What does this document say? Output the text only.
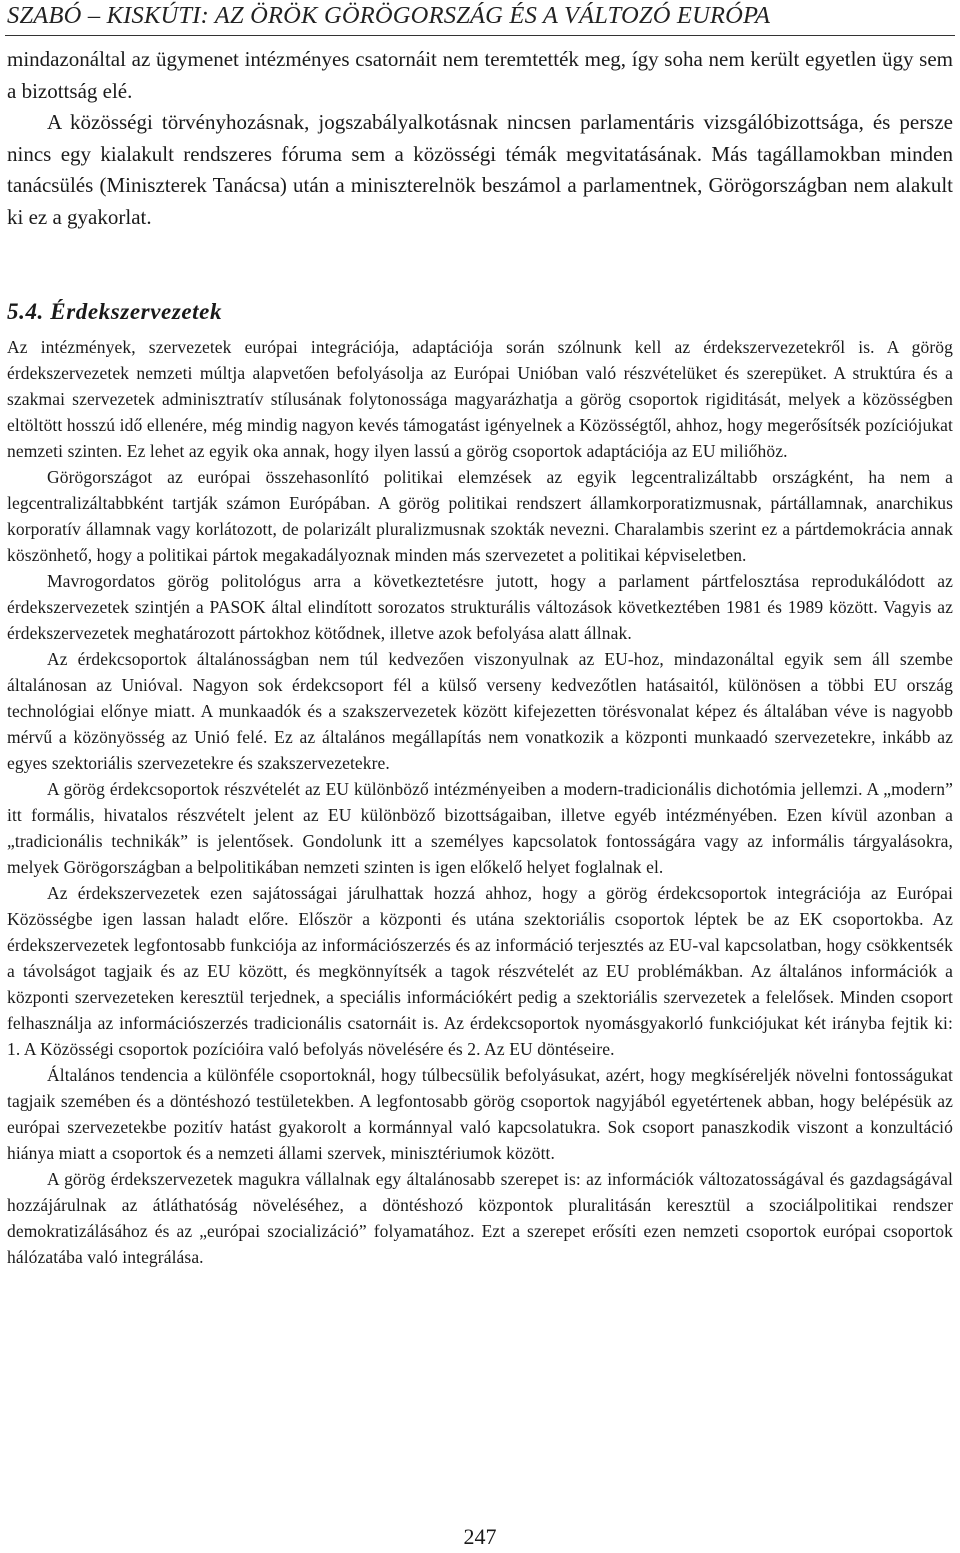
SZABÓ – KISKÚTI: AZ ÖRÖK GÖRÖGORSZÁG ÉS A VÁLTOZÓ EURÓPA

mindazonáltal az ügymenet intézményes csatornáit nem teremtették meg, így soha nem került egyetlen ügy sem a bizottság elé.

A közösségi törvényhozásnak, jogszabályalkotásnak nincsen parlamentáris vizsgálóbizottsága, és persze nincs egy kialakult rendszeres fóruma sem a közösségi témák megvitatásának. Más tagállamokban minden tanácsülés (Miniszterek Tanácsa) után a miniszterelnök beszámol a parlamentnek, Görögországban nem alakult ki ez a gyakorlat.

5.4. Érdekszervezetek

Az intézmények, szervezetek európai integrációja, adaptációja során szólnunk kell az érdekszervezetekről is. A görög érdekszervezetek nemzeti múltja alapvetően befolyásolja az Európai Unióban való részvételüket és szerepüket. A struktúra és a szakmai szervezetek adminisztratív stílusának folytonossága magyarázhatja a görög csoportok rigiditását, melyek a közösségben eltöltött hosszú idő ellenére, még mindig nagyon kevés támogatást igényelnek a Közösségtől, ahhoz, hogy megerősítsék pozíciójukat nemzeti szinten. Ez lehet az egyik oka annak, hogy ilyen lassú a görög csoportok adaptációja az EU miliőhöz.

Görögországot az európai összehasonlító politikai elemzések az egyik legcentralizáltabb országként, ha nem a legcentralizáltabbként tartják számon Európában. A görög politikai rendszert államkorporatizmusnak, pártállamnak, anarchikus korporatív államnak vagy korlátozott, de polarizált pluralizmusnak szokták nevezni. Charalambis szerint ez a pártdemokrácia annak köszönhető, hogy a politikai pártok megakadályoznak minden más szervezetet a politikai képviseletben.

Mavrogordatos görög politológus arra a következtetésre jutott, hogy a parlament pártfelosztása reprodukálódott az érdekszervezetek szintjén a PASOK által elindított sorozatos strukturális változások következtében 1981 és 1989 között. Vagyis az érdekszervezetek meghatározott pártokhoz kötődnek, illetve azok befolyása alatt állnak.

Az érdekcsoportok általánosságban nem túl kedvezően viszonyulnak az EU-hoz, mindazonáltal egyik sem áll szembe általánosan az Unióval. Nagyon sok érdekcsoport fél a külső verseny kedvezőtlen hatásaitól, különösen a többi EU ország technológiai előnye miatt. A munkaadók és a szakszervezetek között kifejezetten törésvonalat képez és általában véve is nagyobb mérvű a közönyösség az Unió felé. Ez az általános megállapítás nem vonatkozik a központi munkaadó szervezetekre, inkább az egyes szektoriális szervezetekre és szakszervezetekre.

A görög érdekcsoportok részvételét az EU különböző intézményeiben a modern-tradicionális dichotómia jellemzi. A „modern” itt formális, hivatalos részvételt jelent az EU különböző bizottságaiban, illetve egyéb intézményében. Ezen kívül azonban a „tradicionális technikák” is jelentősek. Gondolunk itt a személyes kapcsolatok fontosságára vagy az informális tárgyalásokra, melyek Görögországban a belpolitikában nemzeti szinten is igen előkelő helyet foglalnak el.

Az érdekszervezetek ezen sajátosságai járulhattak hozzá ahhoz, hogy a görög érdekcsoportok integrációja az Európai Közösségbe igen lassan haladt előre. Először a központi és utána szektoriális csoportok léptek be az EK csoportokba. Az érdekszervezetek legfontosabb funkciója az információszerzés és az információ terjesztés az EU-val kapcsolatban, hogy csökkentsék a távolságot tagjaik és az EU között, és megkönnyítsék a tagok részvételét az EU problémákban. Az általános információk a központi szervezeteken keresztül terjednek, a speciális információkért pedig a szektoriális szervezetek a felelősek. Minden csoport felhasználja az információszerzés tradicionális csatornáit is. Az érdekcsoportok nyomásgyakorló funkciójukat két irányba fejtik ki: 1. A Közösségi csoportok pozícióira való befolyás növelésére és 2. Az EU döntéseire.

Általános tendencia a különféle csoportoknál, hogy túlbecsülik befolyásukat, azért, hogy megkíséreljék növelni fontosságukat tagjaik szemében és a döntéshozó testületekben. A legfontosabb görög csoportok nagyjából egyetértenek abban, hogy belépésük az európai szervezetekbe pozitív hatást gyakorolt a kormánnyal való kapcsolatukra. Sok csoport panaszkodik viszont a konzultáció hiánya miatt a csoportok és a nemzeti állami szervek, minisztériumok között.

A görög érdekszervezetek magukra vállalnak egy általánosabb szerepet is: az információk változatosságával és gazdagságával hozzájárulnak az átláthatóság növeléséhez, a döntéshozó központok pluralitásán keresztül a szociálpolitikai rendszer demokratizálásához és az „európai szocializáció” folyamatához. Ezt a szerepet erősíti ezen nemzeti csoportok európai csoportok hálózatába való integrálása.

247
